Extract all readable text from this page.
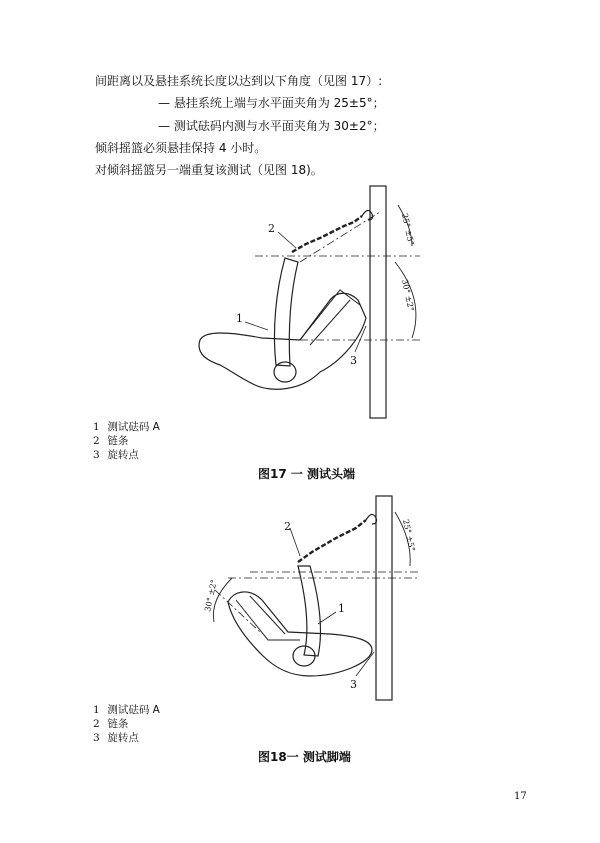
间距离以及悬挂系统长度以达到以下角度（见图 17）:
— 悬挂系统上端与水平面夹角为 25±5°；
— 测试砝码内测与水平面夹角为 30±2°；
倾斜摇篮必须悬挂保持 4 小时。
对倾斜摇篮另一端重复该测试（见图 18)。
1
2
3
25° ±5°
30° ±2°
1 测试砝码 A
2 链条
3 旋转点
图17 一 测试头端
1
2
3
25° ±5°
30° ±2°
1 测试砝码 A
2 链条
3 旋转点
图18一 测试脚端
17
